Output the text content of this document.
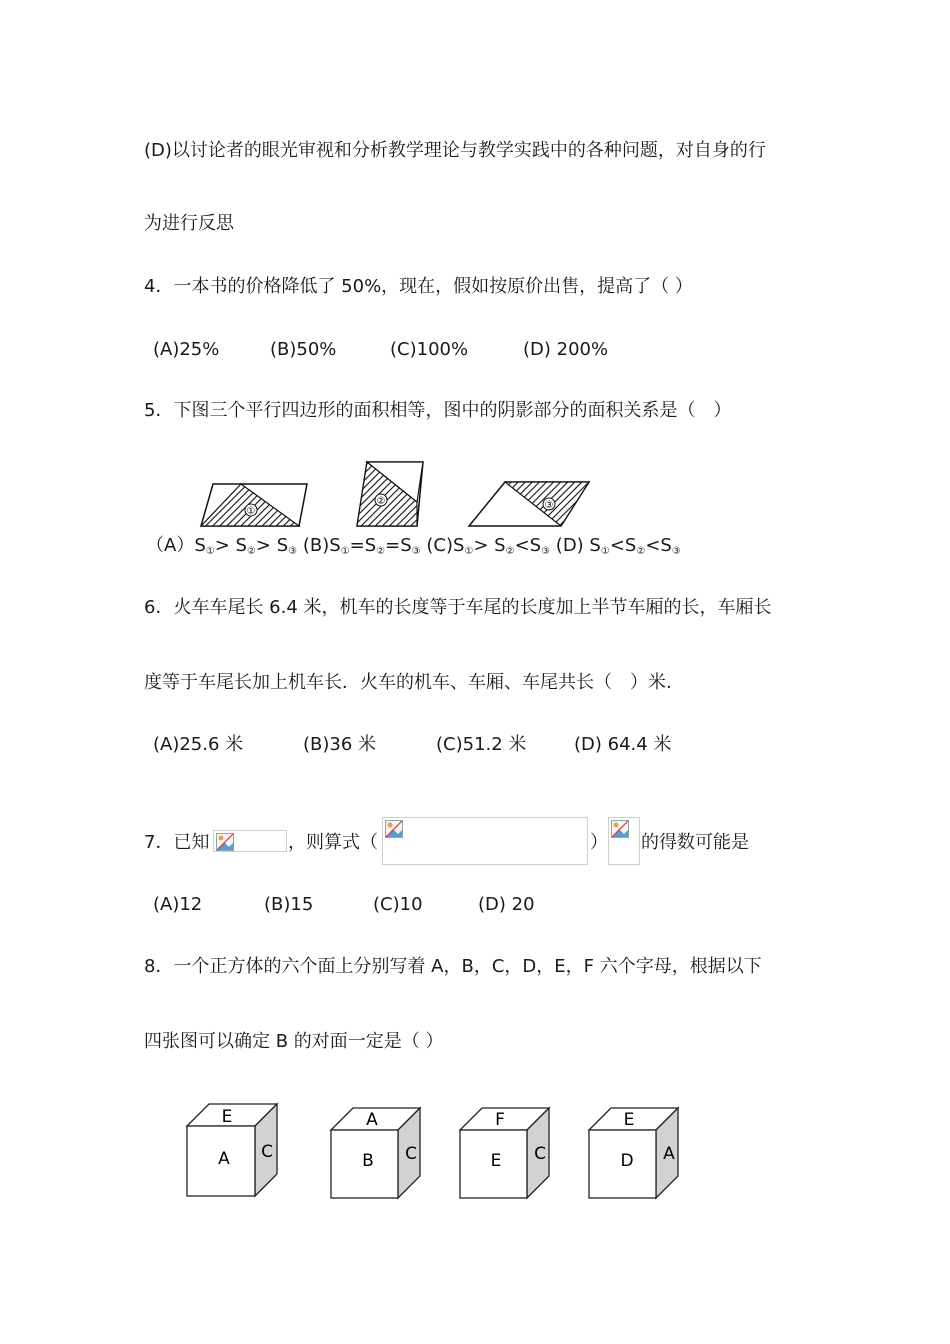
(D)以讨论者的眼光审视和分析教学理论与教学实践中的各种问题，对自身的行
为进行反思
4．一本书的价格降低了 50%，现在，假如按原价出售，提高了（ ）
(A)25%	(B)50%	(C)100%	(D) 200%
5．下图三个平行四边形的面积相等，图中的阴影部分的面积关系是（　）
①
②	③
$(A)S_①> S_②> S_③$ $(B)S_①=S_②=S_③$ $(C)S_①> S_②<S_③$ (D) $S_①<S_②<S_③$
6．火车车尾长 6.4 米，机车的长度等于车尾的长度加上半节车厢的长，车厢长
度等于车尾长加上机车长．火车的机车、车厢、车尾共长（　）米.
(A)25.6 米	(B)36 米	(C)51.2 米	(D) 64.4 米
7．已知	，则算式（	） 的得数可能是
(A)12	(B)15	(C)10	(D) 20
8．一个正方体的六个面上分别写着 A，B，C，D，E，F 六个字母，根据以下
四张图可以确定 B 的对面一定是（ ）
E
A C
A
B C
F
E C
E
D A
